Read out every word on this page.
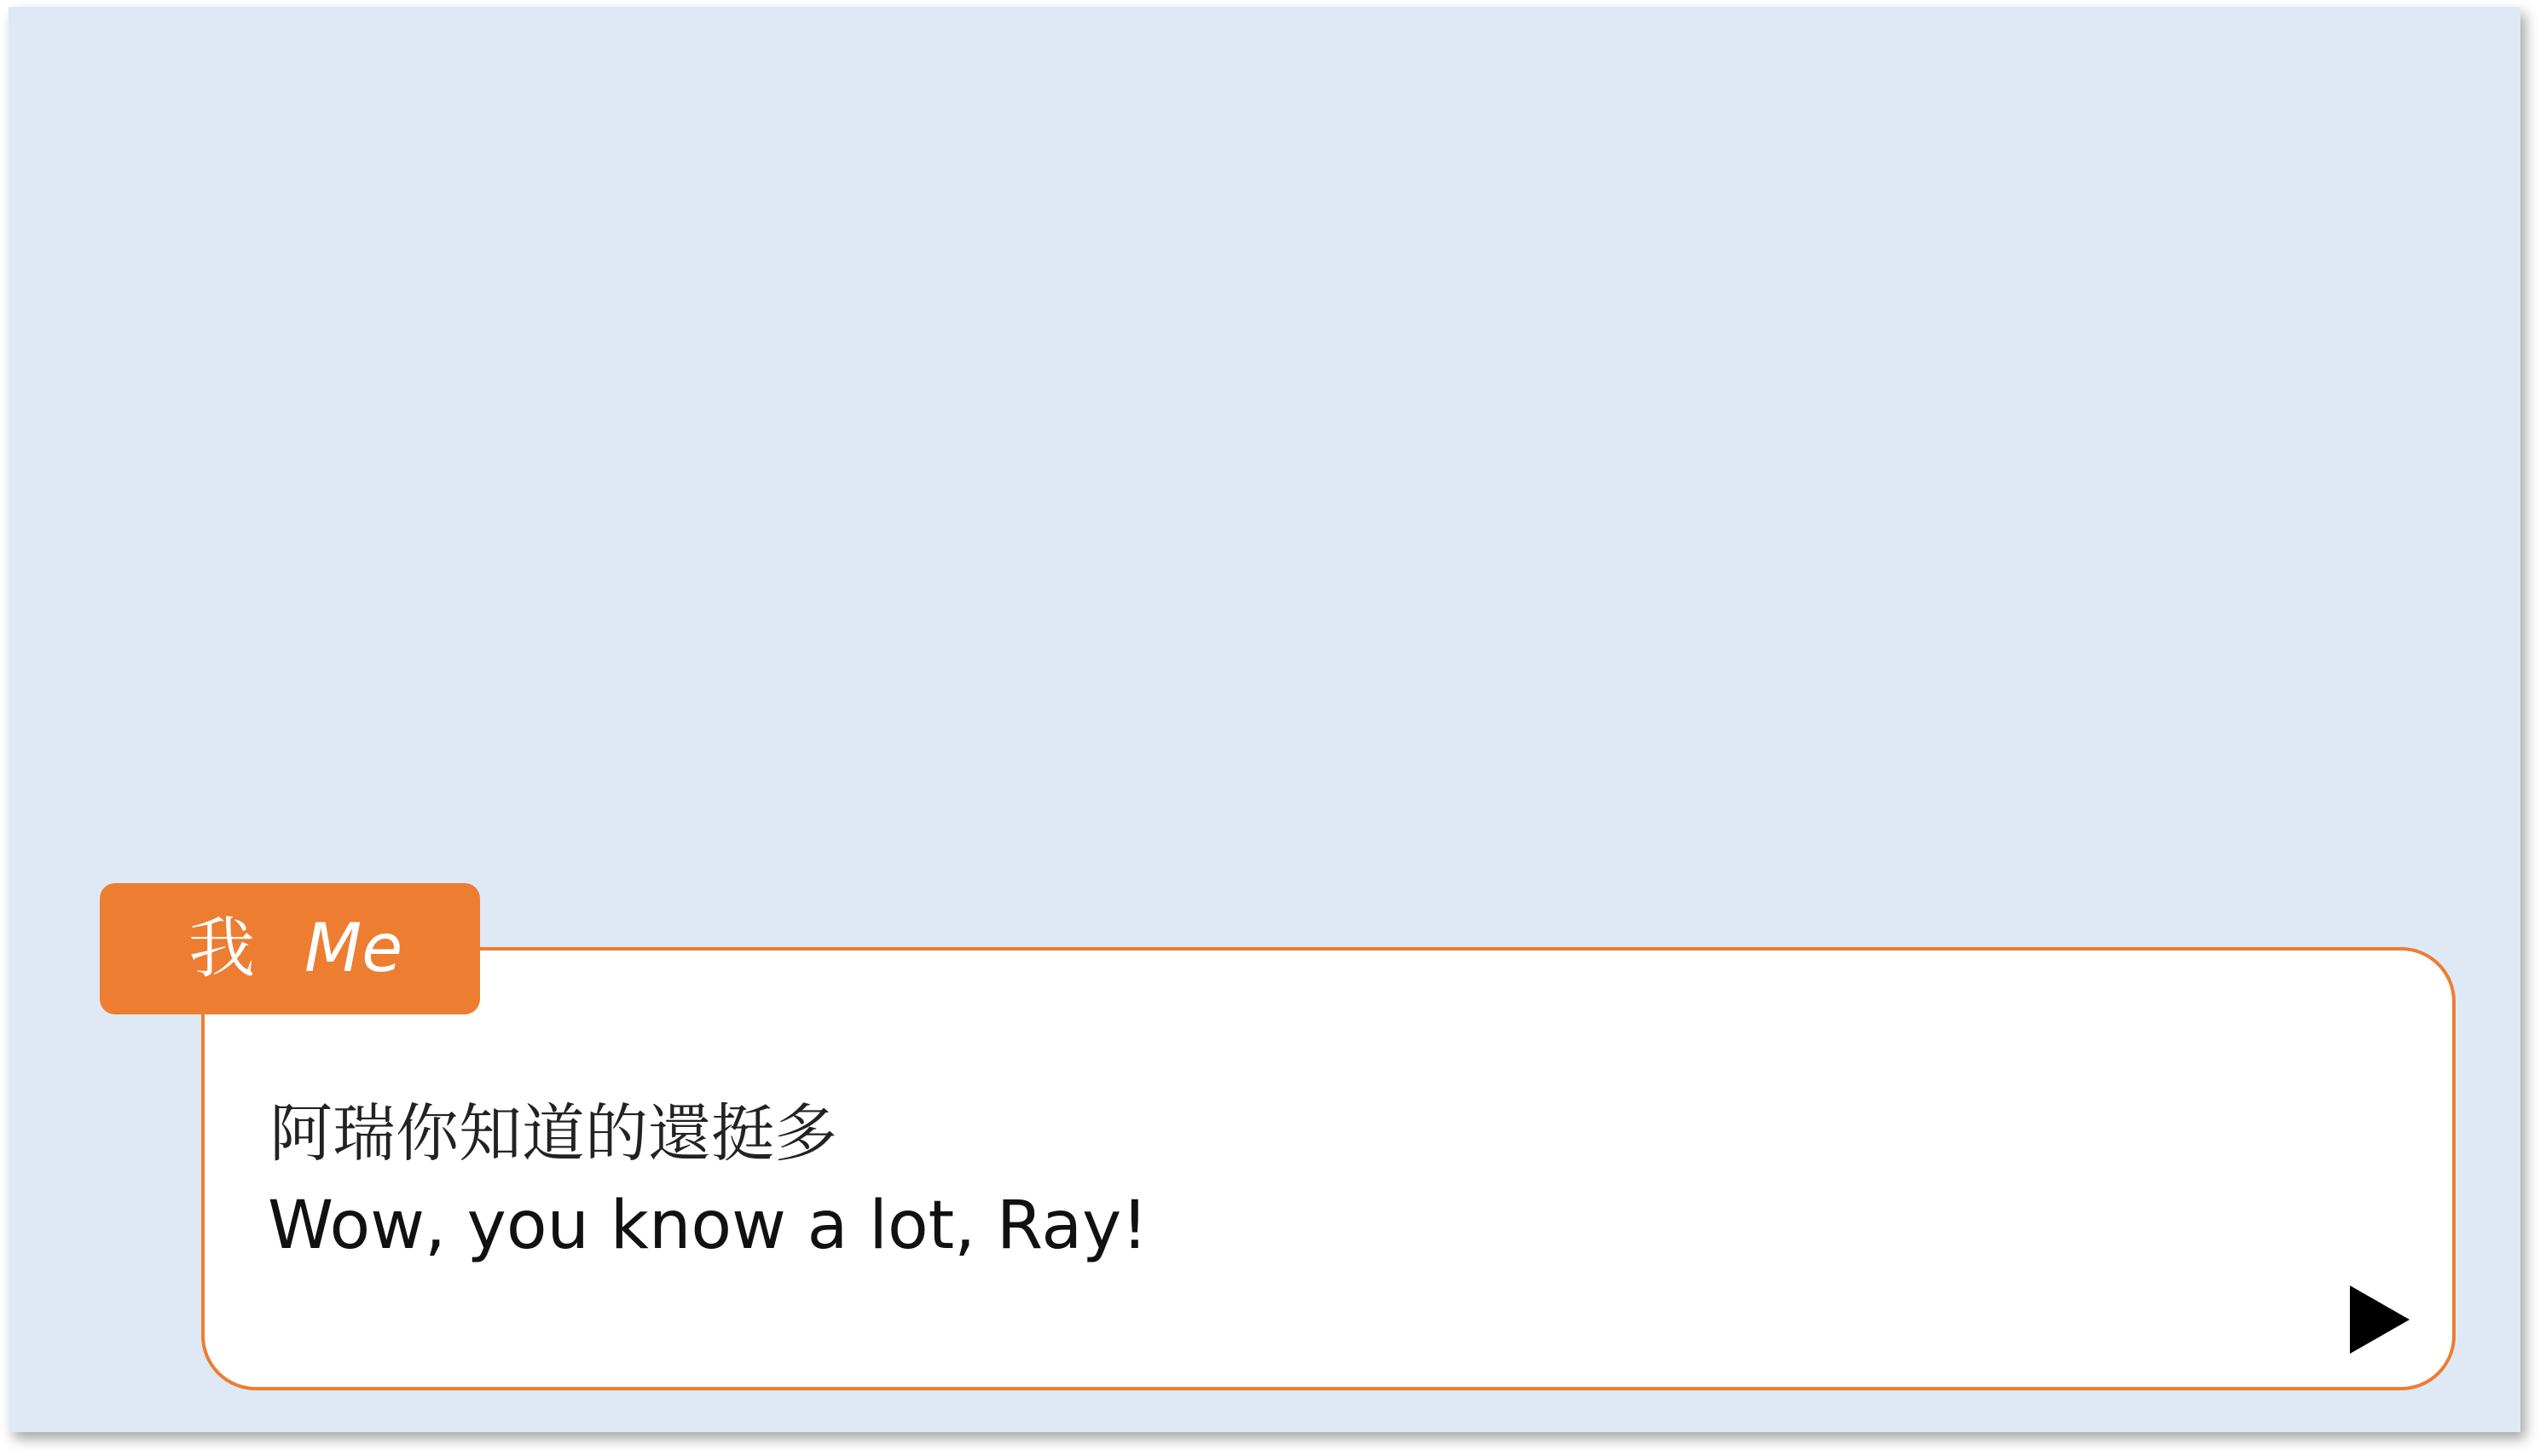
我 Me
阿瑞你知道的還挺多
Wow, you know a lot, Ray!
